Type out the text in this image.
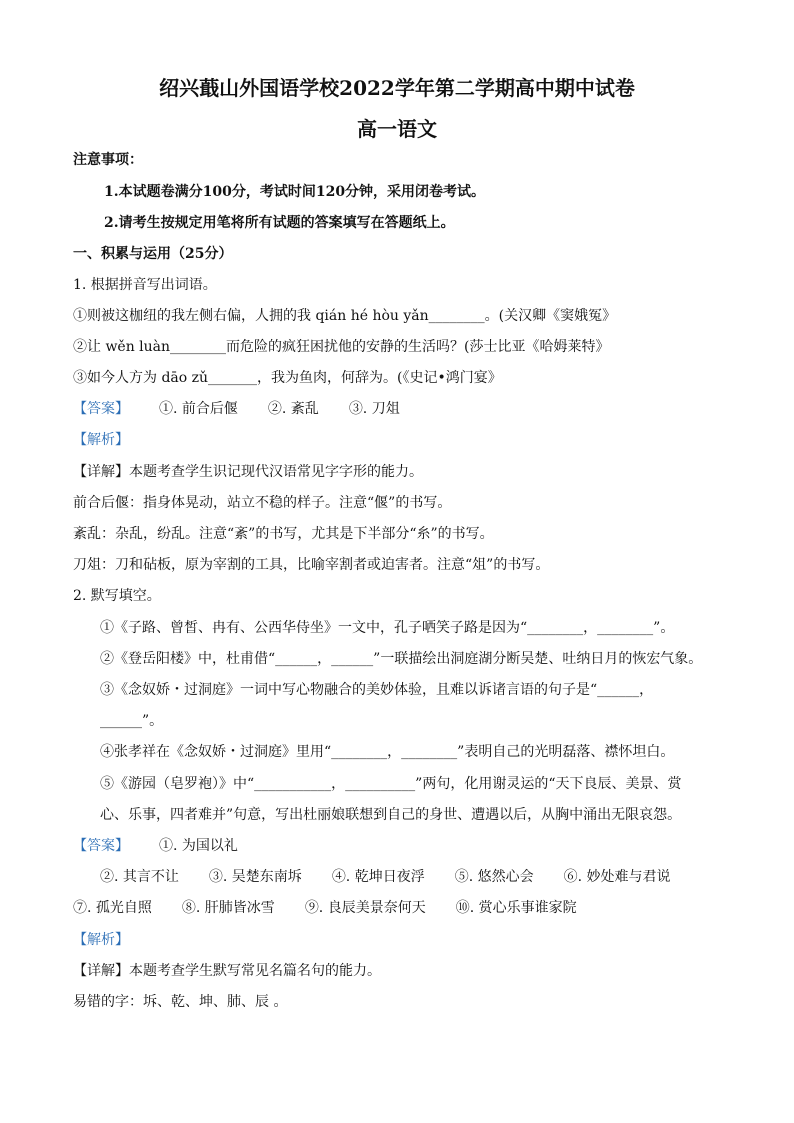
绍兴蕺山外国语学校2022学年第二学期高中期中试卷
高一语文
注意事项：
1.本试题卷满分100分，考试时间120分钟，采用闭卷考试。
2.请考生按规定用笔将所有试题的答案填写在答题纸上。
一、积累与运用（25分）
1. 根据拼音写出词语。
①则被这枷纽的我左侧右偏，人拥的我 qián hé hòu yǎn________。(关汉卿《窦娥冤》
②让 wěn luàn________而危险的疯狂困扰他的安静的生活吗？(莎士比亚《哈姆莱特》
③如今人方为 dāo zǔ_______，我为鱼肉，何辞为。(《史记•鸿门宴》
【答案】 ①. 前合后偃 ②. 紊乱 ③. 刀俎
【解析】
【详解】本题考查学生识记现代汉语常见字字形的能力。
前合后偃：指身体晃动，站立不稳的样子。注意“偃”的书写。
紊乱：杂乱，纷乱。注意“紊”的书写，尤其是下半部分“糸”的书写。
刀俎：刀和砧板，原为宰割的工具，比喻宰割者或迫害者。注意“俎”的书写。
2. 默写填空。
①《子路、曾皙、冉有、公西华侍坐》一文中，孔子哂笑子路是因为“________，________”。
②《登岳阳楼》中，杜甫借“______，______”一联描绘出洞庭湖分断吴楚、吐纳日月的恢宏气象。
③《念奴娇・过洞庭》一词中写心物融合的美妙体验，且难以诉诸言语的句子是“______，
______”。
④张孝祥在《念奴娇・过洞庭》里用“________，________”表明自己的光明磊落、襟怀坦白。
⑤《游园（皂罗袍）》中“___________，__________”两句，化用谢灵运的“天下良辰、美景、赏
心、乐事，四者难并”句意，写出杜丽娘联想到自己的身世、遭遇以后，从胸中涌出无限哀怨。
【答案】 ①. 为国以礼
②. 其言不让 ③. 吴楚东南坼 ④. 乾坤日夜浮 ⑤. 悠然心会 ⑥. 妙处难与君说
⑦. 孤光自照 ⑧. 肝肺皆冰雪 ⑨. 良辰美景奈何天 ⑩. 赏心乐事谁家院
【解析】
【详解】本题考查学生默写常见名篇名句的能力。
易错的字：坼、乾、坤、肺、辰 。
